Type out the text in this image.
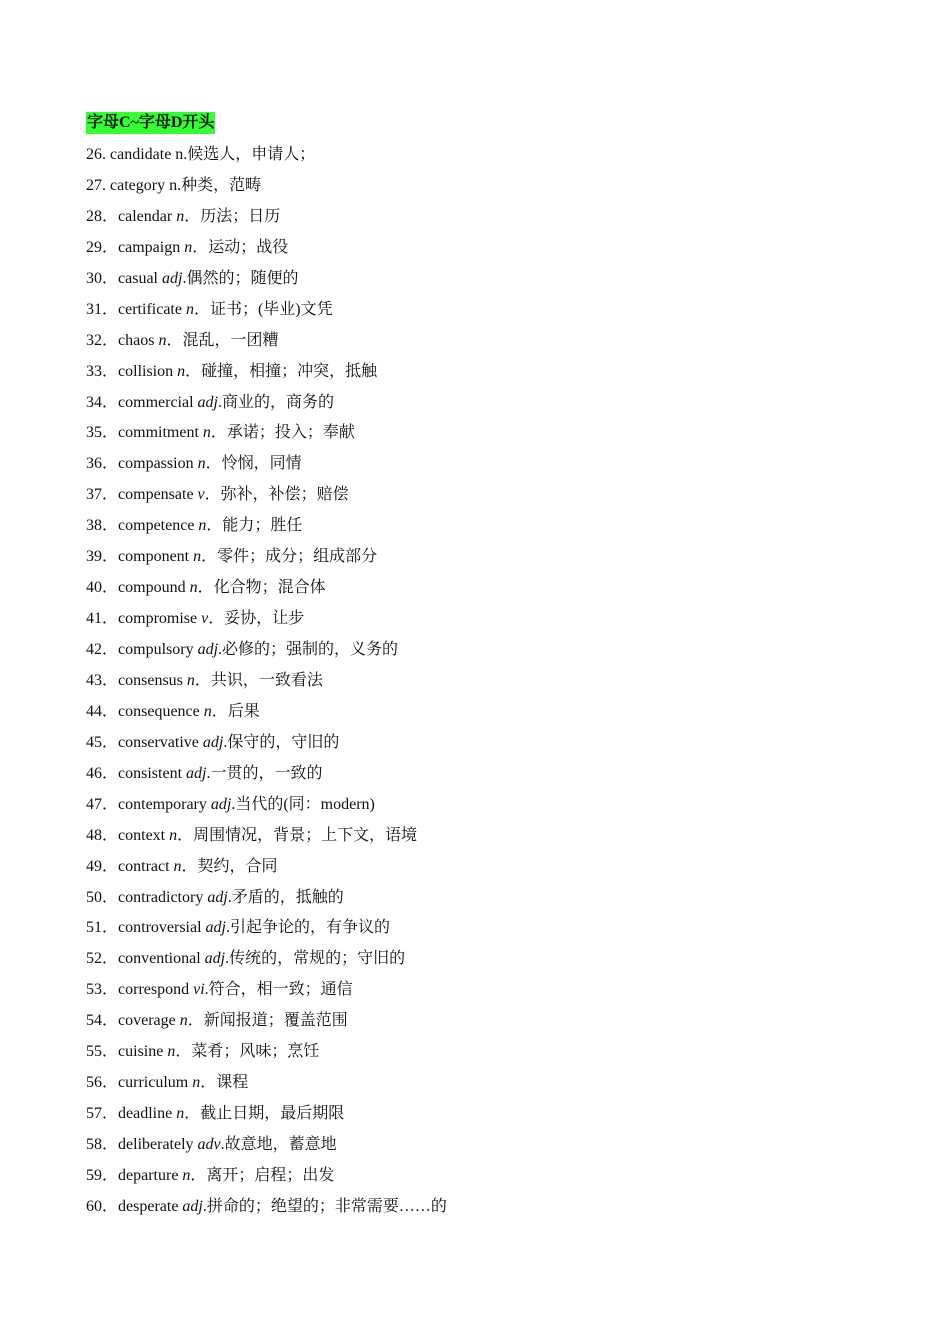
字母C~字母D开头
26. candidate n.候选人，申请人；
27. category n.种类，范畴
28．calendar n．历法；日历
29．campaign n．运动；战役
30．casual adj.偶然的；随便的
31．certificate n．证书；(毕业)文凭
32．chaos n．混乱，一团糟
33．collision n．碰撞，相撞；冲突，抵触
34．commercial adj.商业的，商务的
35．commitment n．承诺；投入；奉献
36．compassion n．怜悯，同情
37．compensate v．弥补，补偿；赔偿
38．competence n．能力；胜任
39．component n．零件；成分；组成部分
40．compound n．化合物；混合体
41．compromise v．妥协，让步
42．compulsory adj.必修的；强制的，义务的
43．consensus n．共识，一致看法
44．consequence n．后果
45．conservative adj.保守的，守旧的
46．consistent adj.一贯的，一致的
47．contemporary adj.当代的(同：modern)
48．context n．周围情况，背景；上下文，语境
49．contract n．契约，合同
50．contradictory adj.矛盾的，抵触的
51．controversial adj.引起争论的，有争议的
52．conventional adj.传统的，常规的；守旧的
53．correspond vi.符合，相一致；通信
54．coverage n．新闻报道；覆盖范围
55．cuisine n．菜肴；风味；烹饪
56．curriculum n．课程
57．deadline n．截止日期，最后期限
58．deliberately adv.故意地，蓄意地
59．departure n．离开；启程；出发
60．desperate adj.拼命的；绝望的；非常需要……的
